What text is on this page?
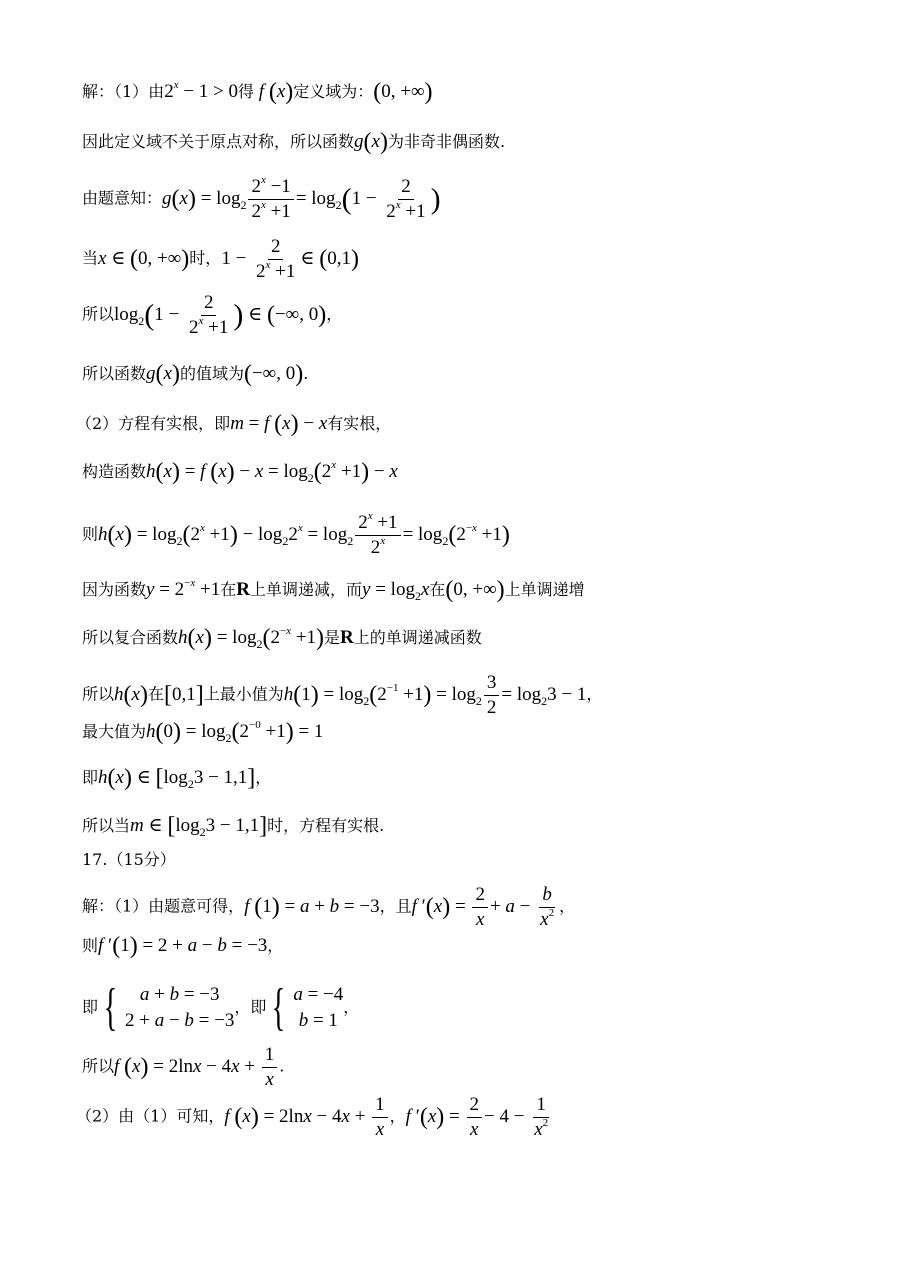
解：（1）由$2^x - 1 > 0$得 f (x)定义域为：(0, +∞)
因此定义域不关于原点对称，所以函数g(x)为非奇非偶函数.
由题意知：$g(x) = \log_2 \frac{2^x -1}{2^x +1} = \log_2(1 - \frac{2}{2^x +1}$ )
当x ∈ (0, +∞)时，$1 - \frac{2}{2^x +1}$ ∈ (0,1)
所以$\log_2(1 - \frac{2}{2^x +1}$ ) ∈ (−∞, 0)，
所以函数g(x)的值域为(−∞, 0).
（2）方程有实根，即m = f (x) − x有实根，
构造函数h(x) = f $(x) - x = \log_2(2^x +1) - x$
则$h(x) = \log_2(2^x +1) - \log_22^x = \log_2 \frac{2^x +1}{2^x} = \log_2(2^{-x} +1)$
因为函数$y = 2^{-x} +1$在R上单调递减，而$y = \log_2x$在(0, +∞)上单调递增
所以复合函数$h(x) = \log_2(2^{-x} +1)$是R上的单调递减函数
所以h(x)在[0,1]上最小值为$h(1) = \log_2(2^{-1} +1) = \log_2 \frac{3}{2} = \log_23 - 1$，
最大值为$h(0) = \log_2(2^{-0} +1) = 1$
即h(x) ∈ $[\log_23 - 1,1]$，
所以当m ∈ $[\log_23 - 1,1]$时，方程有实根.
17.（15分）
解：（1）由题意可得，f (1) = a + b = −3，且f $'(x) = \frac{2}{x} + a - \frac{b}{x^2}$ ，
则f ′(1) = 2 + a − b = −3，
即 {	a + b = −3
2 + a − b = −3
，即 { a = −4
b = 1
，
所以f $(x) = 2\ln x - 4x + \frac{1}{x}$ .
（2）由（1）可知，f $(x) = 2\ln x - 4x + \frac{1}{x}$ ，f $'(x) = \frac{2}{x} - 4 - \frac{1}{x^2}$
